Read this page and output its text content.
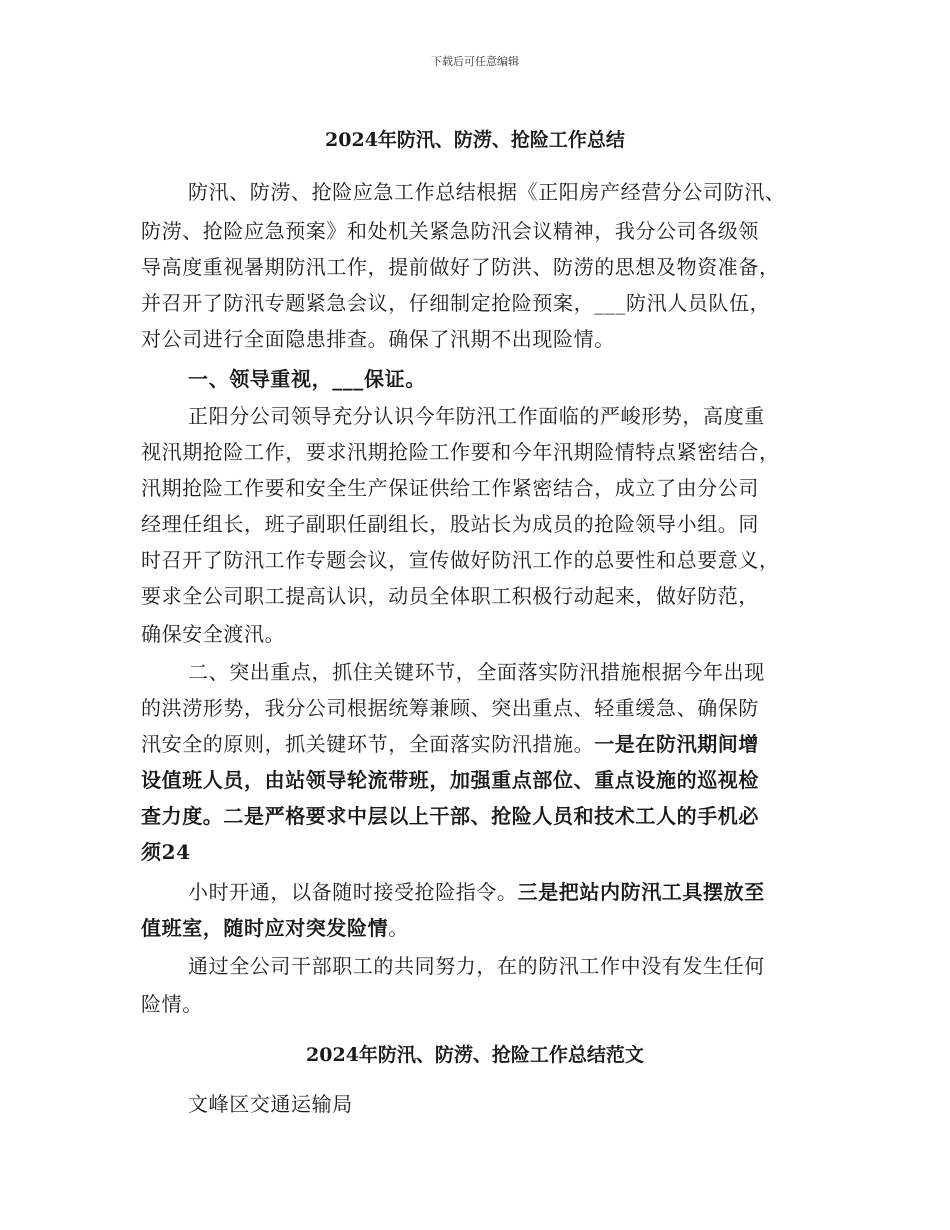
下载后可任意编辑
2024年防汛、防涝、抢险工作总结
防汛、防涝、抢险应急工作总结根据《正阳房产经营分公司防汛、
防涝、抢险应急预案》和处机关紧急防汛会议精神，我分公司各级领
导高度重视暑期防汛工作，提前做好了防洪、防涝的思想及物资准备，
并召开了防汛专题紧急会议，仔细制定抢险预案，___防汛人员队伍，
对公司进行全面隐患排查。确保了汛期不出现险情。
一、领导重视，___保证。
正阳分公司领导充分认识今年防汛工作面临的严峻形势，高度重
视汛期抢险工作，要求汛期抢险工作要和今年汛期险情特点紧密结合，
汛期抢险工作要和安全生产保证供给工作紧密结合，成立了由分公司
经理任组长，班子副职任副组长，股站长为成员的抢险领导小组。同
时召开了防汛工作专题会议，宣传做好防汛工作的总要性和总要意义，
要求全公司职工提高认识，动员全体职工积极行动起来，做好防范，
确保安全渡汛。
二、突出重点，抓住关键环节，全面落实防汛措施根据今年出现
的洪涝形势，我分公司根据统筹兼顾、突出重点、轻重缓急、确保防
汛安全的原则，抓关键环节，全面落实防汛措施。一是在防汛期间增
设值班人员，由站领导轮流带班，加强重点部位、重点设施的巡视检
查力度。二是严格要求中层以上干部、抢险人员和技术工人的手机必
须24
小时开通，以备随时接受抢险指令。三是把站内防汛工具摆放至
值班室，随时应对突发险情。
通过全公司干部职工的共同努力，在的防汛工作中没有发生任何
险情。
2024年防汛、防涝、抢险工作总结范文
文峰区交通运输局
